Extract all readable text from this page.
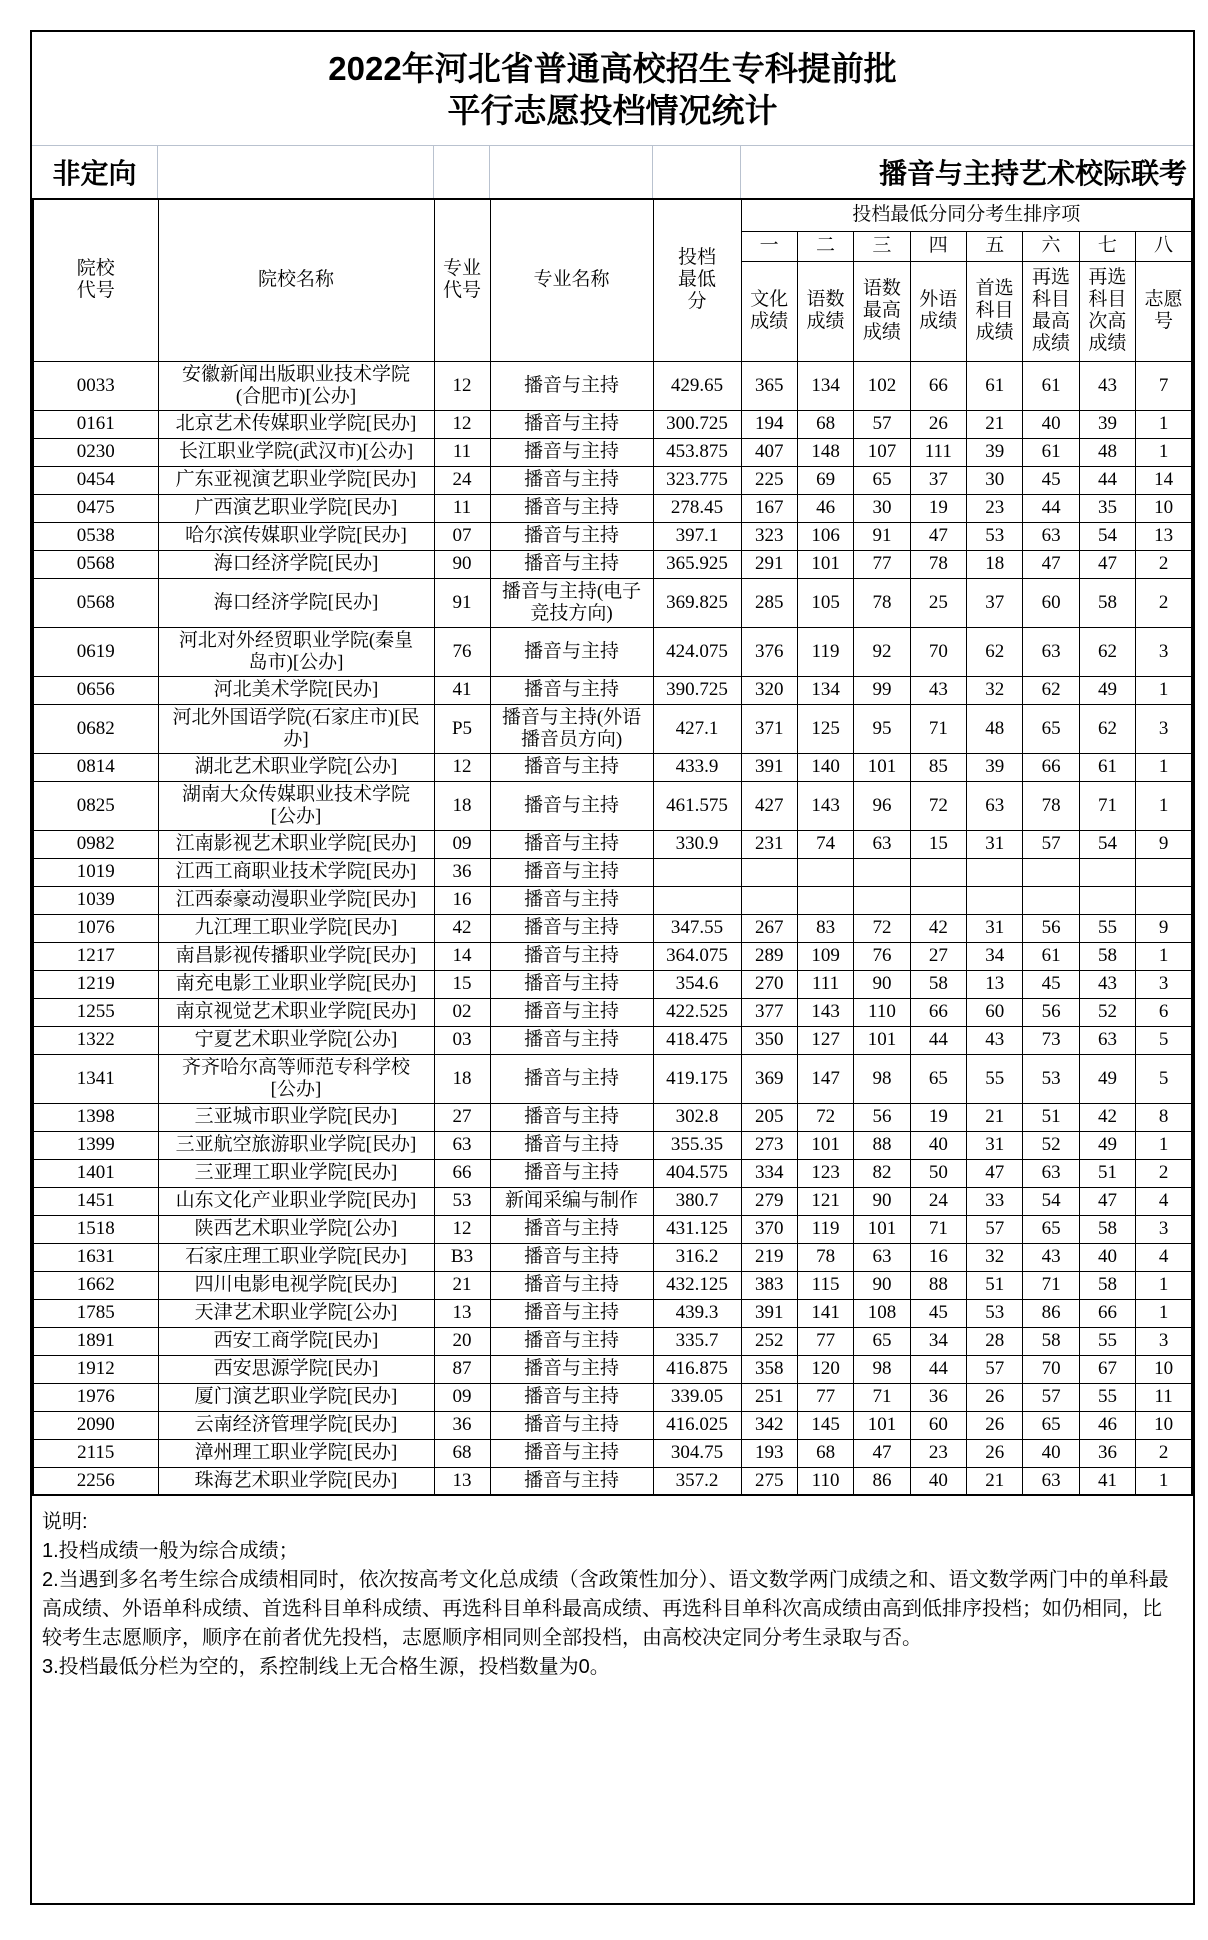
2022年河北省普通高校招生专科提前批
平行志愿投档情况统计
非定向	播音与主持艺术校际联考
院校代号	院校名称	专业代号	专业名称	投档最低分	投档最低分同分考生排序项							
					一	二	三	四	五	六	七	八
					文化成绩	语数成绩	语数最高成绩	外语成绩	首选科目成绩	再选科目最高成绩	再选科目次高成绩	志愿号
0033	安徽新闻出版职业技术学院(合肥市)[公办]	12	播音与主持	429.65	365	134	102	66	61	61	43	7
0161	北京艺术传媒职业学院[民办]	12	播音与主持	300.725	194	68	57	26	21	40	39	1
0230	长江职业学院(武汉市)[公办]	11	播音与主持	453.875	407	148	107	111	39	61	48	1
0454	广东亚视演艺职业学院[民办]	24	播音与主持	323.775	225	69	65	37	30	45	44	14
0475	广西演艺职业学院[民办]	11	播音与主持	278.45	167	46	30	19	23	44	35	10
0538	哈尔滨传媒职业学院[民办]	07	播音与主持	397.1	323	106	91	47	53	63	54	13
0568	海口经济学院[民办]	90	播音与主持	365.925	291	101	77	78	18	47	47	2
0568	海口经济学院[民办]	91	播音与主持(电子竞技方向)	369.825	285	105	78	25	37	60	58	2
0619	河北对外经贸职业学院(秦皇岛市)[公办]	76	播音与主持	424.075	376	119	92	70	62	63	62	3
0656	河北美术学院[民办]	41	播音与主持	390.725	320	134	99	43	32	62	49	1
0682	河北外国语学院(石家庄市)[民办]	P5	播音与主持(外语播音员方向)	427.1	371	125	95	71	48	65	62	3
0814	湖北艺术职业学院[公办]	12	播音与主持	433.9	391	140	101	85	39	66	61	1
0825	湖南大众传媒职业技术学院[公办]	18	播音与主持	461.575	427	143	96	72	63	78	71	1
0982	江南影视艺术职业学院[民办]	09	播音与主持	330.9	231	74	63	15	31	57	54	9
1019	江西工商职业技术学院[民办]	36	播音与主持									
1039	江西泰豪动漫职业学院[民办]	16	播音与主持									
1076	九江理工职业学院[民办]	42	播音与主持	347.55	267	83	72	42	31	56	55	9
1217	南昌影视传播职业学院[民办]	14	播音与主持	364.075	289	109	76	27	34	61	58	1
1219	南充电影工业职业学院[民办]	15	播音与主持	354.6	270	111	90	58	13	45	43	3
1255	南京视觉艺术职业学院[民办]	02	播音与主持	422.525	377	143	110	66	60	56	52	6
1322	宁夏艺术职业学院[公办]	03	播音与主持	418.475	350	127	101	44	43	73	63	5
1341	齐齐哈尔高等师范专科学校[公办]	18	播音与主持	419.175	369	147	98	65	55	53	49	5
1398	三亚城市职业学院[民办]	27	播音与主持	302.8	205	72	56	19	21	51	42	8
1399	三亚航空旅游职业学院[民办]	63	播音与主持	355.35	273	101	88	40	31	52	49	1
1401	三亚理工职业学院[民办]	66	播音与主持	404.575	334	123	82	50	47	63	51	2
1451	山东文化产业职业学院[民办]	53	新闻采编与制作	380.7	279	121	90	24	33	54	47	4
1518	陕西艺术职业学院[公办]	12	播音与主持	431.125	370	119	101	71	57	65	58	3
1631	石家庄理工职业学院[民办]	B3	播音与主持	316.2	219	78	63	16	32	43	40	4
1662	四川电影电视学院[民办]	21	播音与主持	432.125	383	115	90	88	51	71	58	1
1785	天津艺术职业学院[公办]	13	播音与主持	439.3	391	141	108	45	53	86	66	1
1891	西安工商学院[民办]	20	播音与主持	335.7	252	77	65	34	28	58	55	3
1912	西安思源学院[民办]	87	播音与主持	416.875	358	120	98	44	57	70	67	10
1976	厦门演艺职业学院[民办]	09	播音与主持	339.05	251	77	71	36	26	57	55	11
2090	云南经济管理学院[民办]	36	播音与主持	416.025	342	145	101	60	26	65	46	10
2115	漳州理工职业学院[民办]	68	播音与主持	304.75	193	68	47	23	26	40	36	2
2256	珠海艺术职业学院[民办]	13	播音与主持	357.2	275	110	86	40	21	63	41	1
说明:
1.投档成绩一般为综合成绩；
2.当遇到多名考生综合成绩相同时，依次按高考文化总成绩（含政策性加分）、语文数学两门成绩之和、语文数学两门中的单科最高成绩、外语单科成绩、首选科目单科成绩、再选科目单科最高成绩、再选科目单科次高成绩由高到低排序投档；如仍相同，比较考生志愿顺序，顺序在前者优先投档，志愿顺序相同则全部投档，由高校决定同分考生录取与否。
3.投档最低分栏为空的，系控制线上无合格生源，投档数量为0。
